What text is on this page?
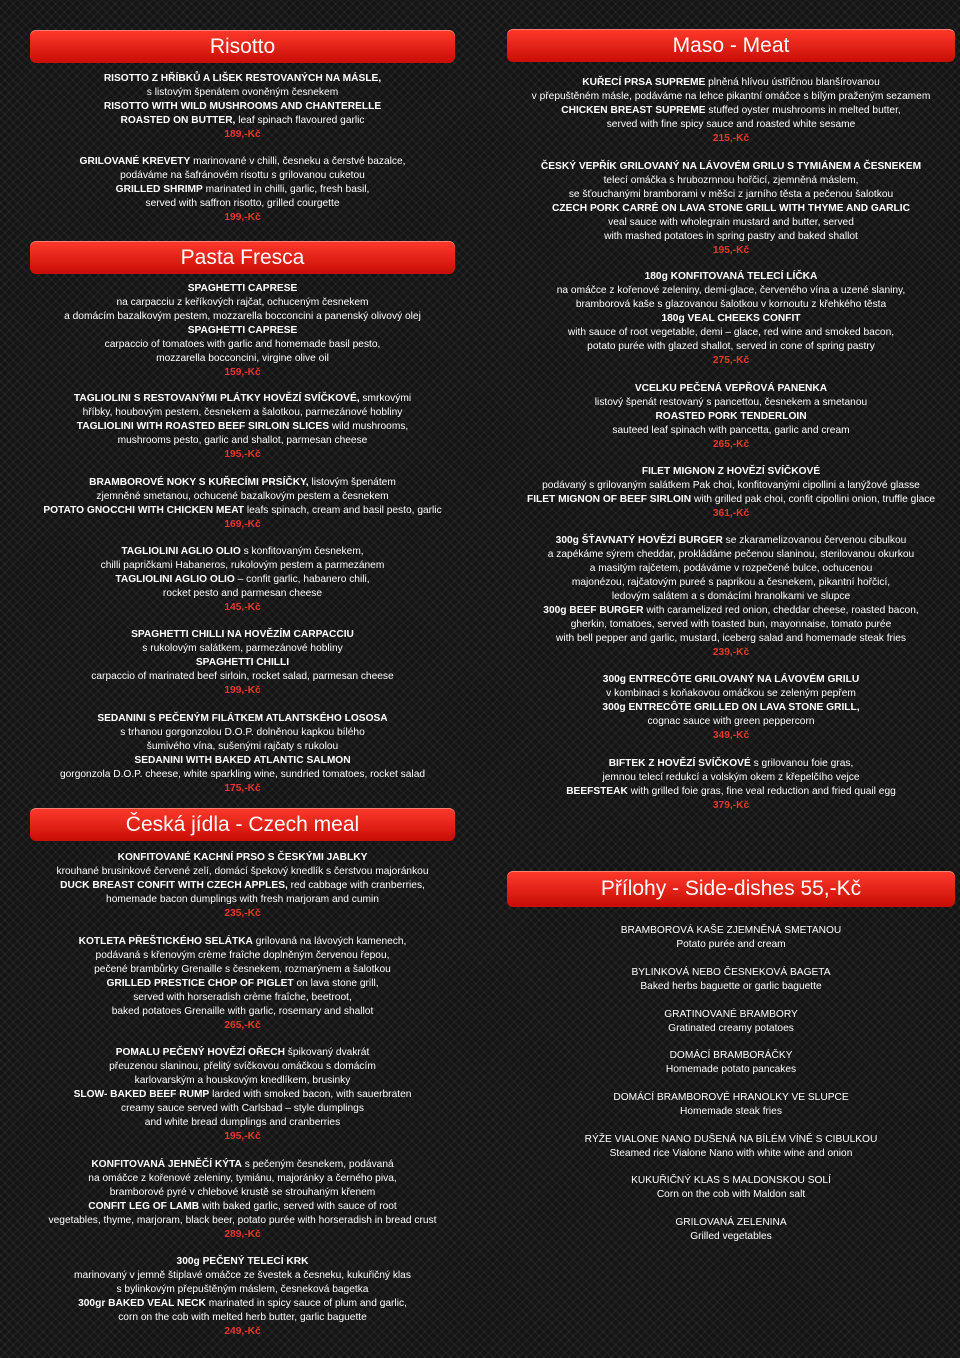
Risotto
RISOTTO Z HŘÍBKŮ A LIŠEK RESTOVANÝCH NA MÁSLE,
s listovým špenátem ovoněným česnekem
RISOTTO WITH WILD MUSHROOMS AND CHANTERELLE
ROASTED ON BUTTER, leaf spinach flavoured garlic
189,-Kč
GRILOVANÉ KREVETY marinované v chilli, česneku a čerstvé bazalce,
podáváme na šafránovém risottu s grilovanou cuketou
GRILLED SHRIMP marinated in chilli, garlic, fresh basil,
served with saffron risotto, grilled courgette
199,-Kč
Pasta Fresca
SPAGHETTI CAPRESE
na carpacciu z keříkových rajčat, ochuceným česnekem
a domácím bazalkovým pestem, mozzarella bocconcini a panenský olivový olej
SPAGHETTI CAPRESE
carpaccio of tomatoes with garlic and homemade basil pesto,
mozzarella bocconcini, virgine olive oil
159,-Kč
TAGLIOLINI S RESTOVANÝMI PLÁTKY HOVĚZÍ SVÍČKOVÉ, smrkovými
hříbky, houbovým pestem, česnekem a šalotkou, parmezánové hobliny
TAGLIOLINI WITH ROASTED BEEF SIRLOIN SLICES wild mushrooms,
mushrooms pesto, garlic and shallot, parmesan cheese
195,-Kč
BRAMBOROVÉ NOKY S KUŘECÍMI PRSÍČKY, listovým špenátem
zjemněné smetanou, ochucené bazalkovým pestem a česnekem
POTATO GNOCCHI WITH CHICKEN MEAT leafs spinach, cream and basil pesto, garlic
169,-Kč
TAGLIOLINI AGLIO OLIO s konfitovaným česnekem,
chilli papričkami Habaneros, rukolovým pestem a parmezánem
TAGLIOLINI AGLIO OLIO – confit garlic, habanero chili,
rocket pesto and parmesan cheese
145,-Kč
SPAGHETTI CHILLI NA HOVĚZÍM CARPACCIU
s rukolovým salátkem, parmezánové hobliny
SPAGHETTI CHILLI
carpaccio of marinated beef sirloin, rocket salad, parmesan cheese
199,-Kč
SEDANINI S PEČENÝM FILÁTKEM ATLANTSKÉHO LOSOSA
s trhanou gorgonzolou D.O.P. dolněnou kapkou bílého
šumivého vína, sušenými rajčaty s rukolou
SEDANINI WITH BAKED ATLANTIC SALMON
gorgonzola D.O.P. cheese, white sparkling wine, sundried tomatoes, rocket salad
175,-Kč
Česká jídla - Czech meal
KONFITOVANÉ KACHNÍ PRSO S ČESKÝMI JABLKY
krouhané brusinkové červené zelí, domácí špekový knedlík s čerstvou majoránkou
DUCK BREAST CONFIT WITH CZECH APPLES, red cabbage with cranberries,
homemade bacon dumplings with fresh marjoram and cumin
235,-Kč
KOTLETA PŘEŠTICKÉHO SELÁTKA grilovaná na lávových kamenech,
podávaná s křenovým crème fraîche doplněným červenou řepou,
pečené brambůrky Grenaille s česnekem, rozmarýnem a šalotkou
GRILLED PRESTICE CHOP OF PIGLET on lava stone grill,
served with horseradish crème fraîche, beetroot,
baked potatoes Grenaille with garlic, rosemary and shallot
265,-Kč
POMALU PEČENÝ HOVĚZÍ OŘECH špikovaný dvakrát
přeuzenou slaninou, přelitý svíčkovou omáčkou s domácím
karlovarským a houskovým knedlíkem, brusinky
SLOW- BAKED BEEF RUMP larded with smoked bacon, with sauerbraten
creamy sauce served with Carlsbad – style dumplings
and white bread dumplings and cranberries
195,-Kč
KONFITOVANÁ JEHNĚČÍ KÝTA s pečeným česnekem, podávaná
na omáčce z kořenové zeleniny, tymiánu, majoránky a černého piva,
bramborové pyré v chlebové krustě se strouhaným křenem
CONFIT LEG OF LAMB with baked garlic, served with sauce of root
vegetables, thyme, marjoram, black beer, potato purée with horseradish in bread crust
289,-Kč
300g PEČENÝ TELECÍ KRK
marinovaný v jemně štiplavé omáčce ze švestek a česneku, kukuřičný klas
s bylinkovým přepuštěným máslem, česneková bagetka
300gr BAKED VEAL NECK marinated in spicy sauce of plum and garlic,
corn on the cob with melted herb butter, garlic baguette
249,-Kč
Maso - Meat
KUŘECÍ PRSA SUPREME plněná hlívou ústřičnou blanšírovanou
v přepuštěném másle, podáváme na lehce pikantní omáčce s bílým praženým sezamem
CHICKEN BREAST SUPREME stuffed oyster mushrooms in melted butter,
served with fine spicy sauce and roasted white sesame
215,-Kč
ČESKÝ VEPŘÍK GRILOVANÝ NA LÁVOVÉM GRILU S TYMIÁNEM A ČESNEKEM
telecí omáčka s hrubozrnnou hořčicí, zjemněná máslem,
se šťouchanými bramborami v měšci z jarního těsta a pečenou šalotkou
CZECH PORK CARRÉ ON LAVA STONE GRILL WITH THYME AND GARLIC
veal sauce with wholegrain mustard and butter, served
with mashed potatoes in spring pastry and baked shallot
195,-Kč
180g KONFITOVANÁ TELECÍ LÍČKA
na omáčce z kořenové zeleniny, demi-glace, červeného vína a uzené slaniny,
bramborová kaše s glazovanou šalotkou v kornoutu z křehkého těsta
180g VEAL CHEEKS CONFIT
with sauce of root vegetable, demi – glace, red wine and smoked bacon,
potato purée with glazed shallot, served in cone of spring pastry
275,-Kč
VCELKU PEČENÁ VEPŘOVÁ PANENKA
listový špenát restovaný s pancettou, česnekem a smetanou
ROASTED PORK TENDERLOIN
sauteed leaf spinach with pancetta, garlic and cream
265,-Kč
FILET MIGNON Z HOVĚZÍ SVÍČKOVÉ
podávaný s grilovaným salátkem Pak choi, konfitovanými cipollini a lanýžové glasse
FILET MIGNON OF BEEF SIRLOIN with grilled pak choi, confit cipollini onion, truffle glace
361,-Kč
300g ŠŤAVNATÝ HOVĚZÍ BURGER se zkaramelizovanou červenou cibulkou
a zapékáme sýrem cheddar, prokládáme pečenou slaninou, sterilovanou okurkou
a masitým rajčetem, podáváme v rozpečené bulce, ochucenou
majonézou, rajčatovým pureé s paprikou a česnekem, pikantní hořčicí,
ledovým salátem a s domácími hranolkami ve slupce
300g BEEF BURGER with caramelized red onion, cheddar cheese, roasted bacon,
gherkin, tomatoes, served with toasted bun, mayonnaise, tomato purée
with bell pepper and garlic, mustard, iceberg salad and homemade steak fries
239,-Kč
300g ENTRECÔTE GRILOVANÝ NA LÁVOVÉM GRILU
v kombinaci s koňakovou omáčkou se zeleným pepřem
300g ENTRECÔTE GRILLED ON LAVA STONE GRILL,
cognac sauce with green peppercorn
349,-Kč
BIFTEK Z HOVĚZÍ SVÍČKOVÉ s grilovanou foie gras,
jemnou telecí redukcí a volským okem z křepelčího vejce
BEEFSTEAK with grilled foie gras, fine veal reduction and fried quail egg
379,-Kč
Přílohy - Side-dishes 55,-Kč
BRAMBOROVÁ KAŠE ZJEMNĚNÁ SMETANOU
Potato purée and cream
BYLINKOVÁ NEBO ČESNEKOVÁ BAGETA
Baked herbs baguette or garlic baguette
GRATINOVANÉ BRAMBORY
Gratinated creamy potatoes
DOMÁCÍ BRAMBORÁČKY
Homemade potato pancakes
DOMÁCÍ BRAMBOROVÉ HRANOLKY VE SLUPCE
Homemade steak fries
RÝŽE VIALONE NANO DUŠENÁ NA BÍLÉM VÍNĚ S CIBULKOU
Steamed rice Vialone Nano with white wine and onion
KUKUŘIČNÝ KLAS S MALDONSKOU SOLÍ
Corn on the cob with Maldon salt
GRILOVANÁ ZELENINA
Grilled vegetables
